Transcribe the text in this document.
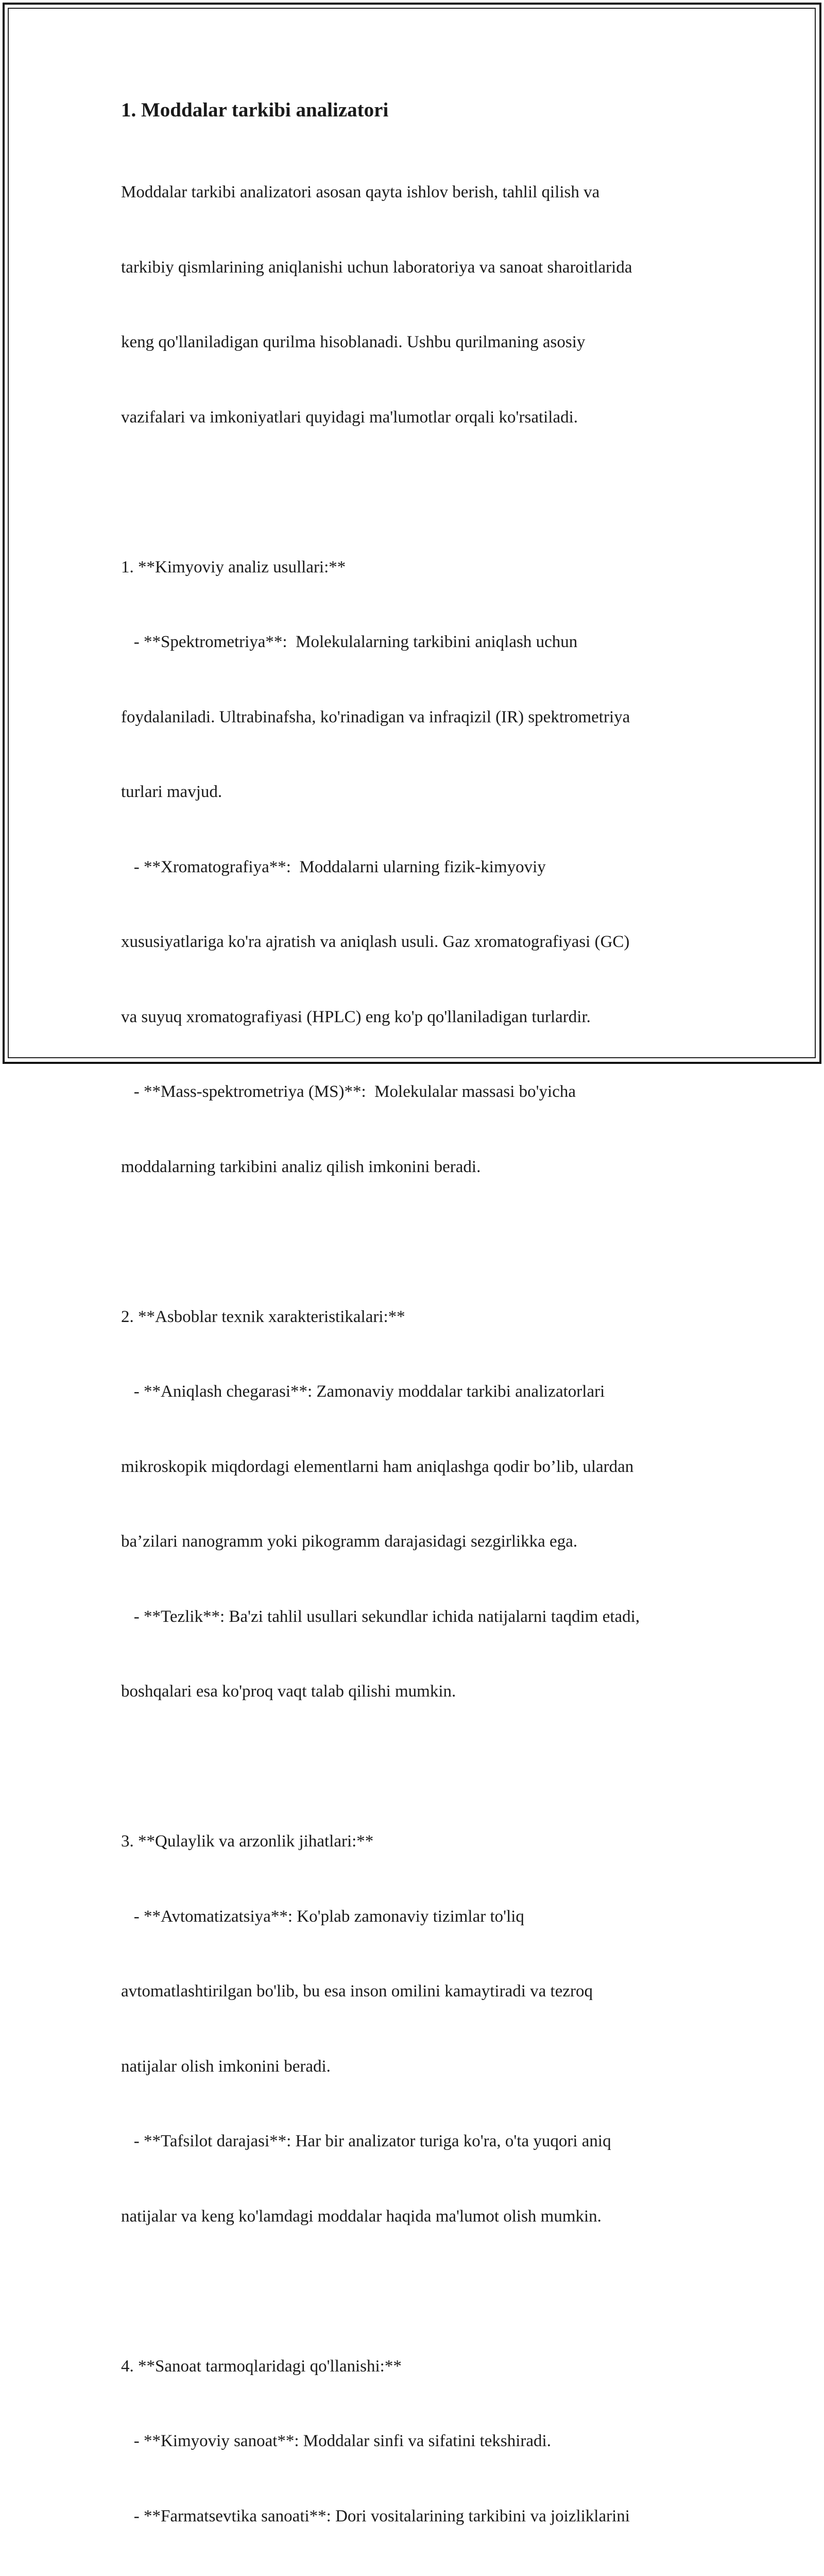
1. Moddalar tarkibi analizatori

Moddalar tarkibi analizatori asosan qayta ishlov berish, tahlil qilish va

tarkibiy qismlarining aniqlanishi uchun laboratoriya va sanoat sharoitlarida

keng qo'llaniladigan qurilma hisoblanadi. Ushbu qurilmaning asosiy

vazifalari va imkoniyatlari quyidagi ma'lumotlar orqali ko'rsatiladi.

1. **Kimyoviy analiz usullari:**

- **Spektrometriya**:  Molekulalarning tarkibini aniqlash uchun

foydalaniladi. Ultrabinafsha, ko'rinadigan va infraqizil (IR) spektrometriya

turlari mavjud.

- **Xromatografiya**:  Moddalarni ularning fizik-kimyoviy

xususiyatlariga ko'ra ajratish va aniqlash usuli. Gaz xromatografiyasi (GC)

va suyuq xromatografiyasi (HPLC) eng ko'p qo'llaniladigan turlardir.

- **Mass-spektrometriya (MS)**:  Molekulalar massasi bo'yicha

moddalarning tarkibini analiz qilish imkonini beradi.

2. **Asboblar texnik xarakteristikalari:**

- **Aniqlash chegarasi**: Zamonaviy moddalar tarkibi analizatorlari

mikroskopik miqdordagi elementlarni ham aniqlashga qodir bo’lib, ulardan

ba’zilari nanogramm yoki pikogramm darajasidagi sezgirlikka ega.

- **Tezlik**: Ba'zi tahlil usullari sekundlar ichida natijalarni taqdim etadi,

boshqalari esa ko'proq vaqt talab qilishi mumkin.

3. **Qulaylik va arzonlik jihatlari:**

- **Avtomatizatsiya**: Ko'plab zamonaviy tizimlar to'liq

avtomatlashtirilgan bo'lib, bu esa inson omilini kamaytiradi va tezroq

natijalar olish imkonini beradi.

- **Tafsilot darajasi**: Har bir analizator turiga ko'ra, o'ta yuqori aniq

natijalar va keng ko'lamdagi moddalar haqida ma'lumot olish mumkin.

4. **Sanoat tarmoqlaridagi qo'llanishi:**

- **Kimyoviy sanoat**: Moddalar sinfi va sifatini tekshiradi.

- **Farmatsevtika sanoati**: Dori vositalarining tarkibini va joizliklarini
